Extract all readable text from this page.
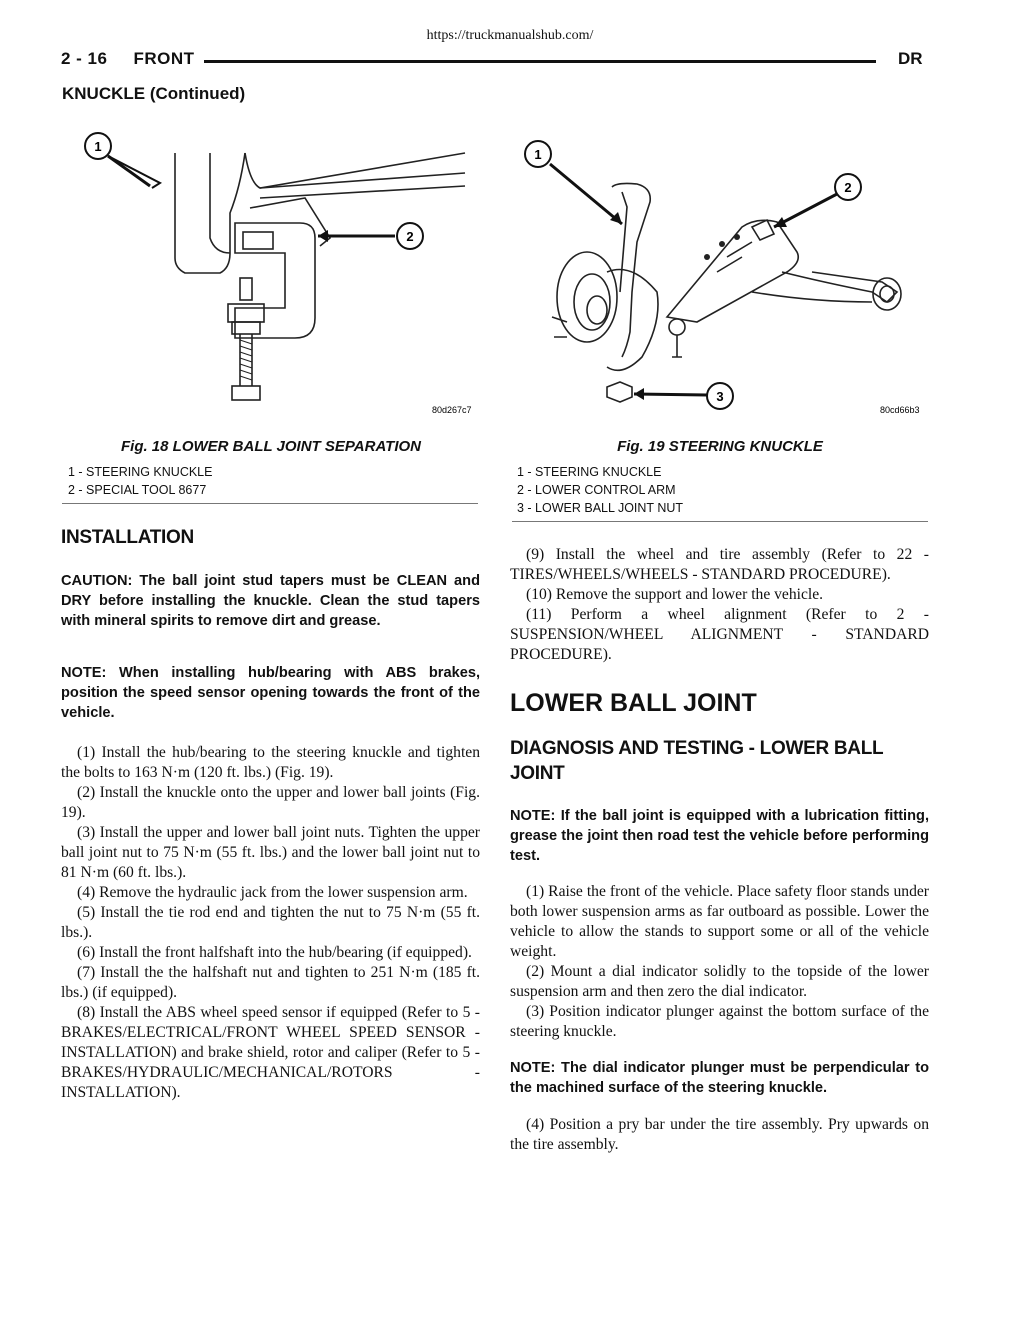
https://truckmanualshub.com/
2 - 16 FRONT	DR
KNUCKLE (Continued)
1
2
80d267c7
Fig. 18 LOWER BALL JOINT SEPARATION
1 - STEERING KNUCKLE
2 - SPECIAL TOOL 8677
1
2
3
80cd66b3
Fig. 19 STEERING KNUCKLE
1 - STEERING KNUCKLE
2 - LOWER CONTROL ARM
3 - LOWER BALL JOINT NUT
INSTALLATION

CAUTION: The ball joint stud tapers must be CLEAN and DRY before installing the knuckle. Clean the stud tapers with mineral spirits to remove dirt and grease.

NOTE: When installing hub/bearing with ABS brakes, position the speed sensor opening towards the front of the vehicle.

(1) Install the hub/bearing to the steering knuckle and tighten the bolts to 163 N·m (120 ft. lbs.) (Fig. 19).

(2) Install the knuckle onto the upper and lower ball joints (Fig. 19).

(3) Install the upper and lower ball joint nuts. Tighten the upper ball joint nut to 75 N·m (55 ft. lbs.) and the lower ball joint nut to 81 N·m (60 ft. lbs.).

(4) Remove the hydraulic jack from the lower suspension arm.

(5) Install the tie rod end and tighten the nut to 75 N·m (55 ft. lbs.).

(6) Install the front halfshaft into the hub/bearing (if equipped).

(7) Install the the halfshaft nut and tighten to 251 N·m (185 ft. lbs.) (if equipped).

(8) Install the ABS wheel speed sensor if equipped (Refer to 5 - BRAKES/ELECTRICAL/FRONT WHEEL SPEED SENSOR - INSTALLATION) and brake shield, rotor and caliper (Refer to 5 - BRAKES/HYDRAULIC/MECHANICAL/ROTORS - INSTALLATION).

(9) Install the wheel and tire assembly (Refer to 22 - TIRES/WHEELS/WHEELS - STANDARD PROCEDURE).

(10) Remove the support and lower the vehicle.

(11) Perform a wheel alignment (Refer to 2 - SUSPENSION/WHEEL ALIGNMENT - STANDARD PROCEDURE).

LOWER BALL JOINT
DIAGNOSIS AND TESTING - LOWER BALL JOINT

NOTE: If the ball joint is equipped with a lubrication fitting, grease the joint then road test the vehicle before performing test.

(1) Raise the front of the vehicle. Place safety floor stands under both lower suspension arms as far outboard as possible. Lower the vehicle to allow the stands to support some or all of the vehicle weight.

(2) Mount a dial indicator solidly to the topside of the lower suspension arm and then zero the dial indicator.

(3) Position indicator plunger against the bottom surface of the steering knuckle.

NOTE: The dial indicator plunger must be perpendicular to the machined surface of the steering knuckle.

(4) Position a pry bar under the tire assembly. Pry upwards on the tire assembly.
